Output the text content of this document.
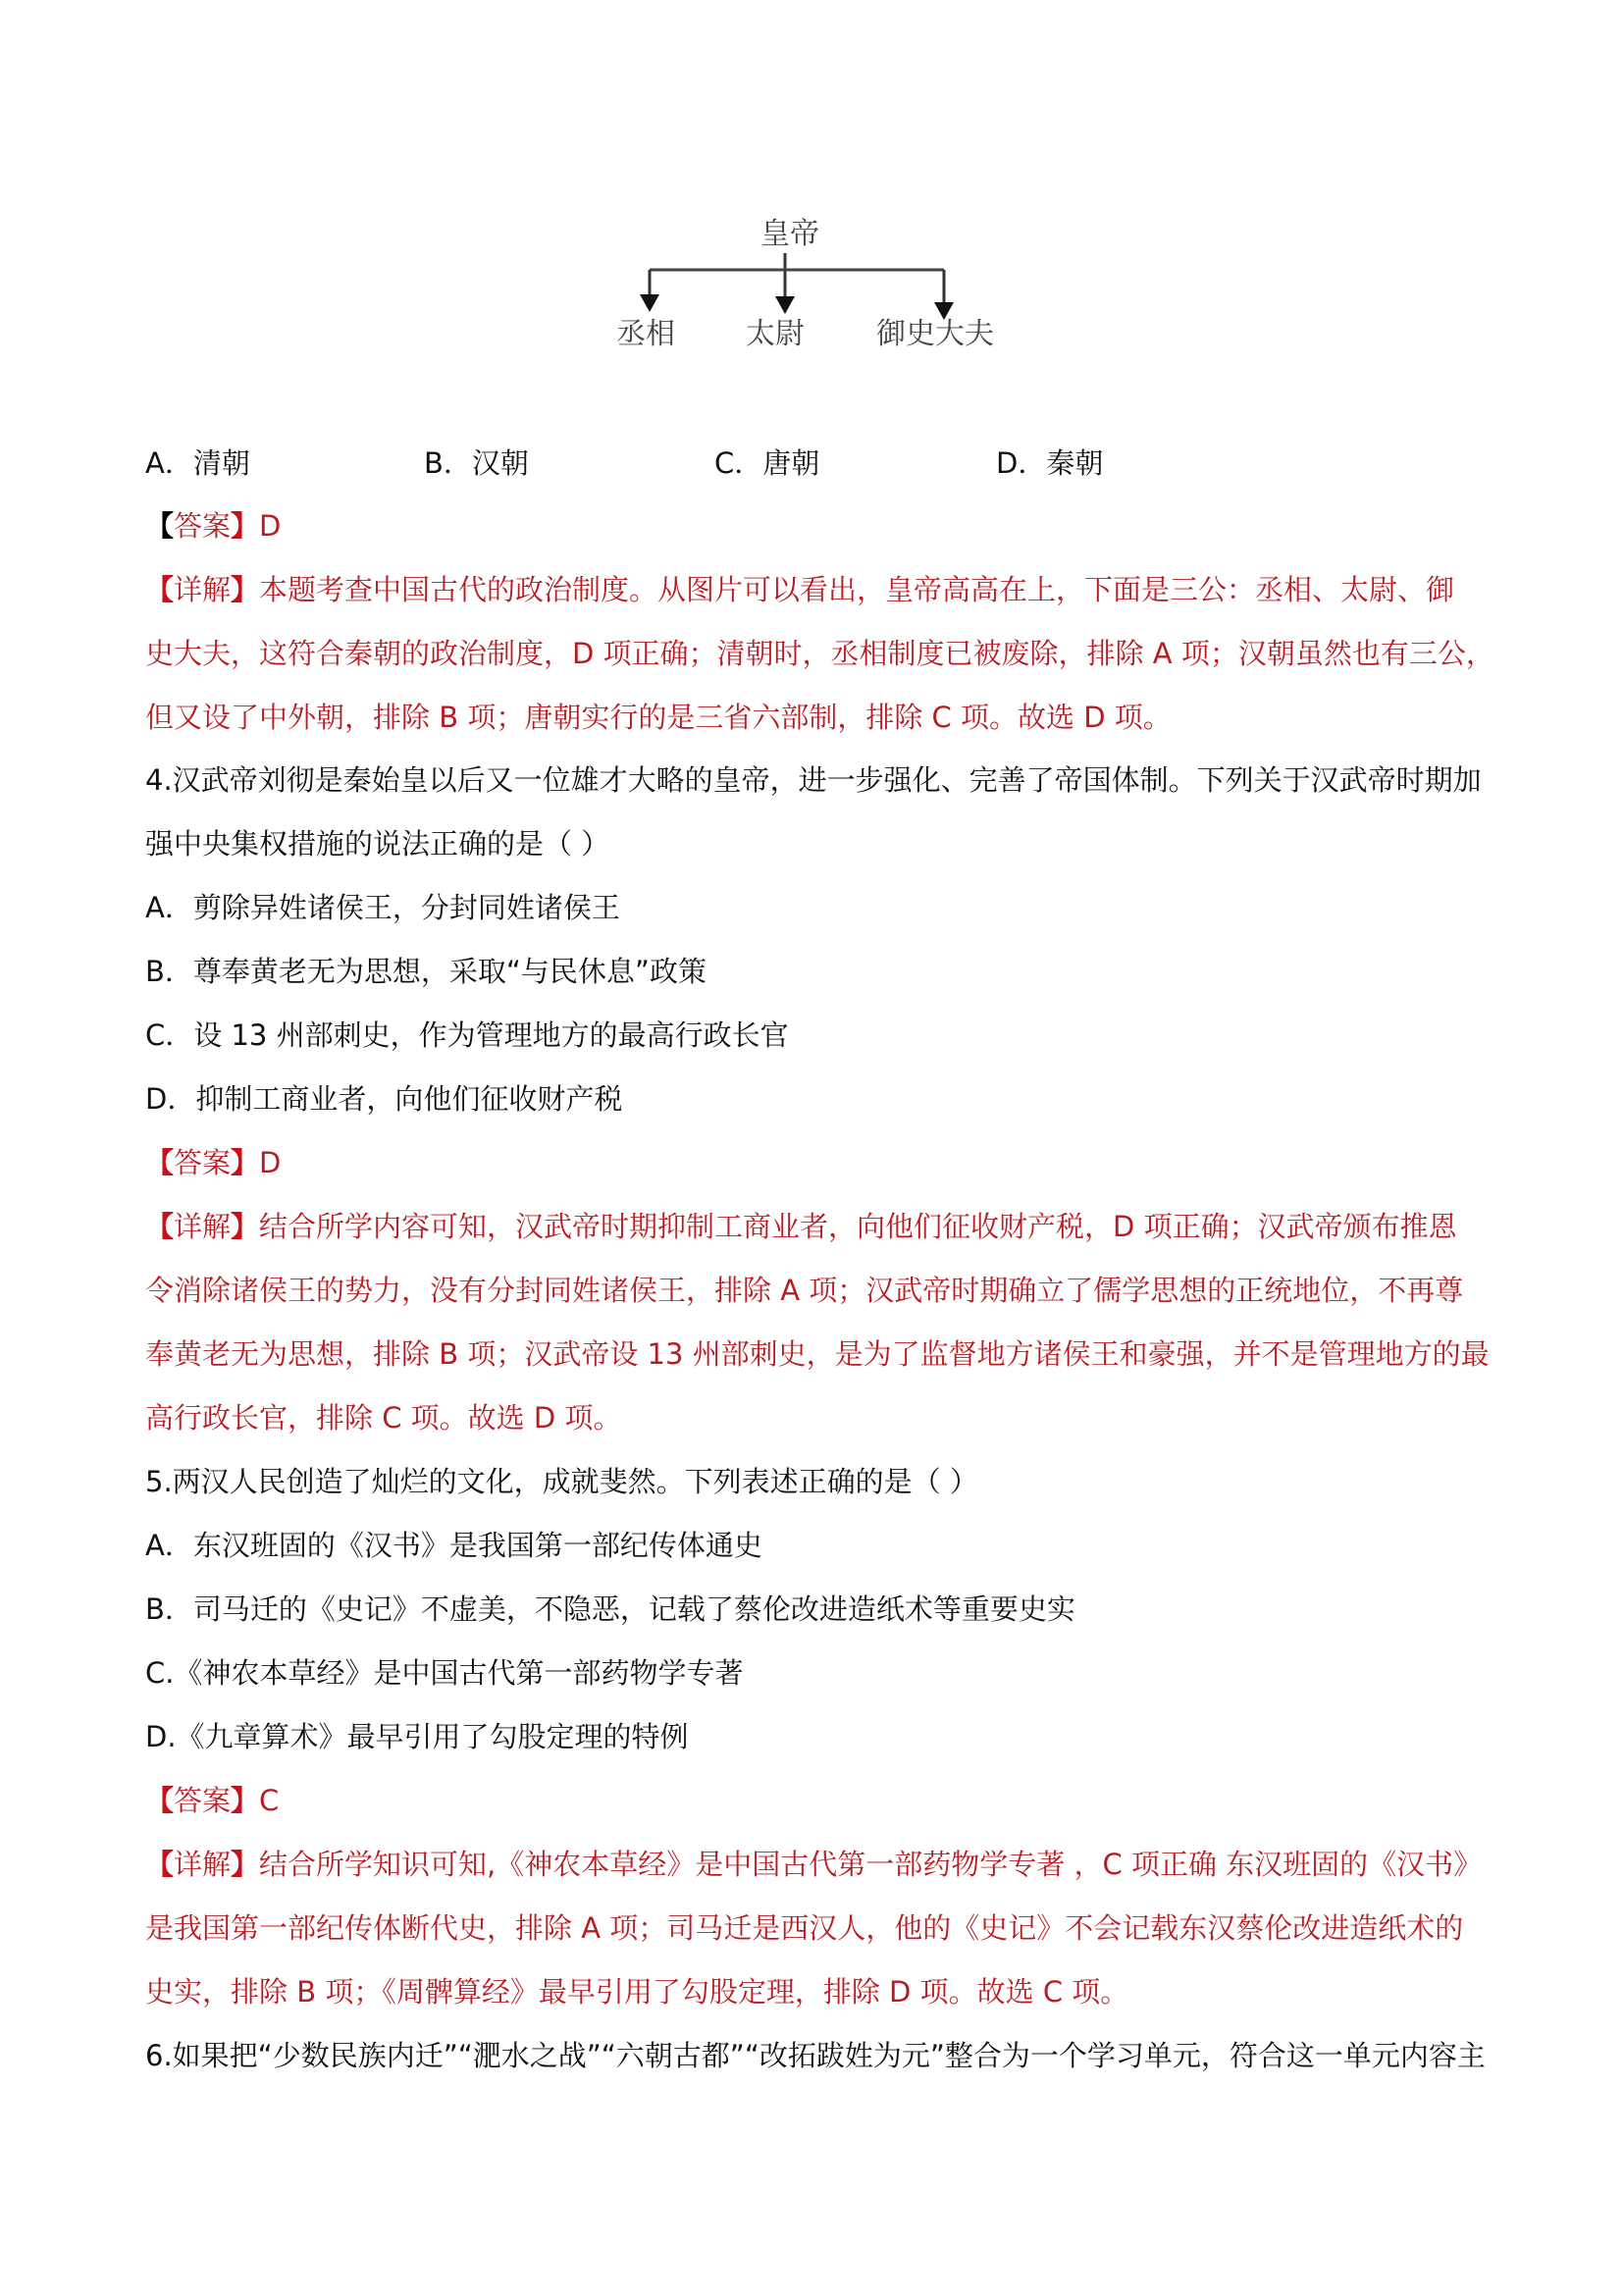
皇帝
丞相 太尉 御史大夫
A．清朝	B．汉朝	C．唐朝	D．秦朝
【答案】D
【详解】本题考查中国古代的政治制度。从图片可以看出，皇帝高高在上，下面是三公：丞相、太尉、御
史大夫，这符合秦朝的政治制度，D 项正确；清朝时，丞相制度已被废除，排除 A 项；汉朝虽然也有三公，
但又设了中外朝，排除 B 项；唐朝实行的是三省六部制，排除 C 项。故选 D 项。
4.汉武帝刘彻是秦始皇以后又一位雄才大略的皇帝，进一步强化、完善了帝国体制。下列关于汉武帝时期加
强中央集权措施的说法正确的是（ ）
A．剪除异姓诸侯王，分封同姓诸侯王
B．尊奉黄老无为思想，采取“与民休息”政策
C．设 13 州部刺史，作为管理地方的最高行政长官
D．抑制工商业者，向他们征收财产税
【答案】D
【详解】结合所学内容可知，汉武帝时期抑制工商业者，向他们征收财产税，D 项正确；汉武帝颁布推恩
令消除诸侯王的势力，没有分封同姓诸侯王，排除 A 项；汉武帝时期确立了儒学思想的正统地位，不再尊
奉黄老无为思想，排除 B 项；汉武帝设 13 州部刺史，是为了监督地方诸侯王和豪强，并不是管理地方的最
高行政长官，排除 C 项。故选 D 项。
5.两汉人民创造了灿烂的文化，成就斐然。下列表述正确的是（ ）
A．东汉班固的《汉书》是我国第一部纪传体通史
B．司马迁的《史记》不虚美，不隐恶，记载了蔡伦改进造纸术等重要史实
C.《神农本草经》是中国古代第一部药物学专著
D.《九章算术》最早引用了勾股定理的特例
【答案】C
【详解】结合所学知识可知,《神农本草经》是中国古代第一部药物学专著 ，C 项正确 东汉班固的《汉书》
是我国第一部纪传体断代史，排除 A 项；司马迁是西汉人，他的《史记》不会记载东汉蔡伦改进造纸术的
史实，排除 B 项；《周髀算经》最早引用了勾股定理，排除 D 项。故选 C 项。
6.如果把“少数民族内迁”“淝水之战”“六朝古都”“改拓跋姓为元”整合为一个学习单元，符合这一单元内容主
